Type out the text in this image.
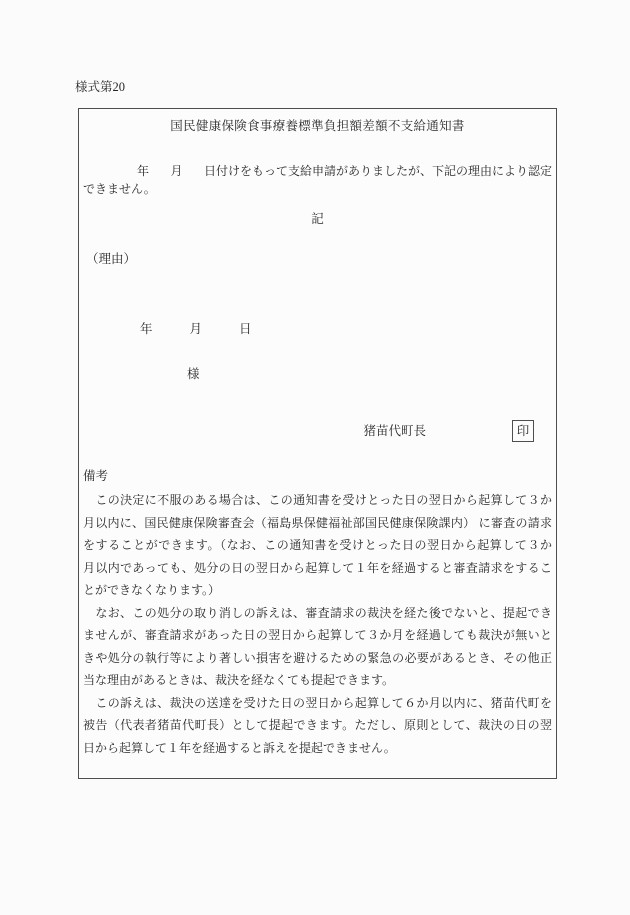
様式第20
国民健康保険食事療養標準負担額差額不支給通知書
年 月 日付けをもって支給申請がありましたが、下記の理由により認定
できません。
記
（理由）
年	月	日
様
猪苗代町長	印
備考
　この決定に不服のある場合は、この通知書を受けとった日の翌日から起算して３か
月以内に、国民健康保険審査会（福島県保健福祉部国民健康保険課内） に審査の請求
をすることができます。（なお、この通知書を受けとった日の翌日から起算して３か
月以内であっても、処分の日の翌日から起算して１年を経過すると審査請求をするこ
とができなくなります。）
　なお、この処分の取り消しの訴えは、審査請求の裁決を経た後でないと、提起でき
ませんが、審査請求があった日の翌日から起算して３か月を経過しても裁決が無いと
きや処分の執行等により著しい損害を避けるための緊急の必要があるとき、その他正
当な理由があるときは、裁決を経なくても提起できます。
　この訴えは、裁決の送達を受けた日の翌日から起算して６か月以内に、猪苗代町を
被告（代表者猪苗代町長）として提起できます。ただし、原則として、裁決の日の翌
日から起算して１年を経過すると訴えを提起できません。
